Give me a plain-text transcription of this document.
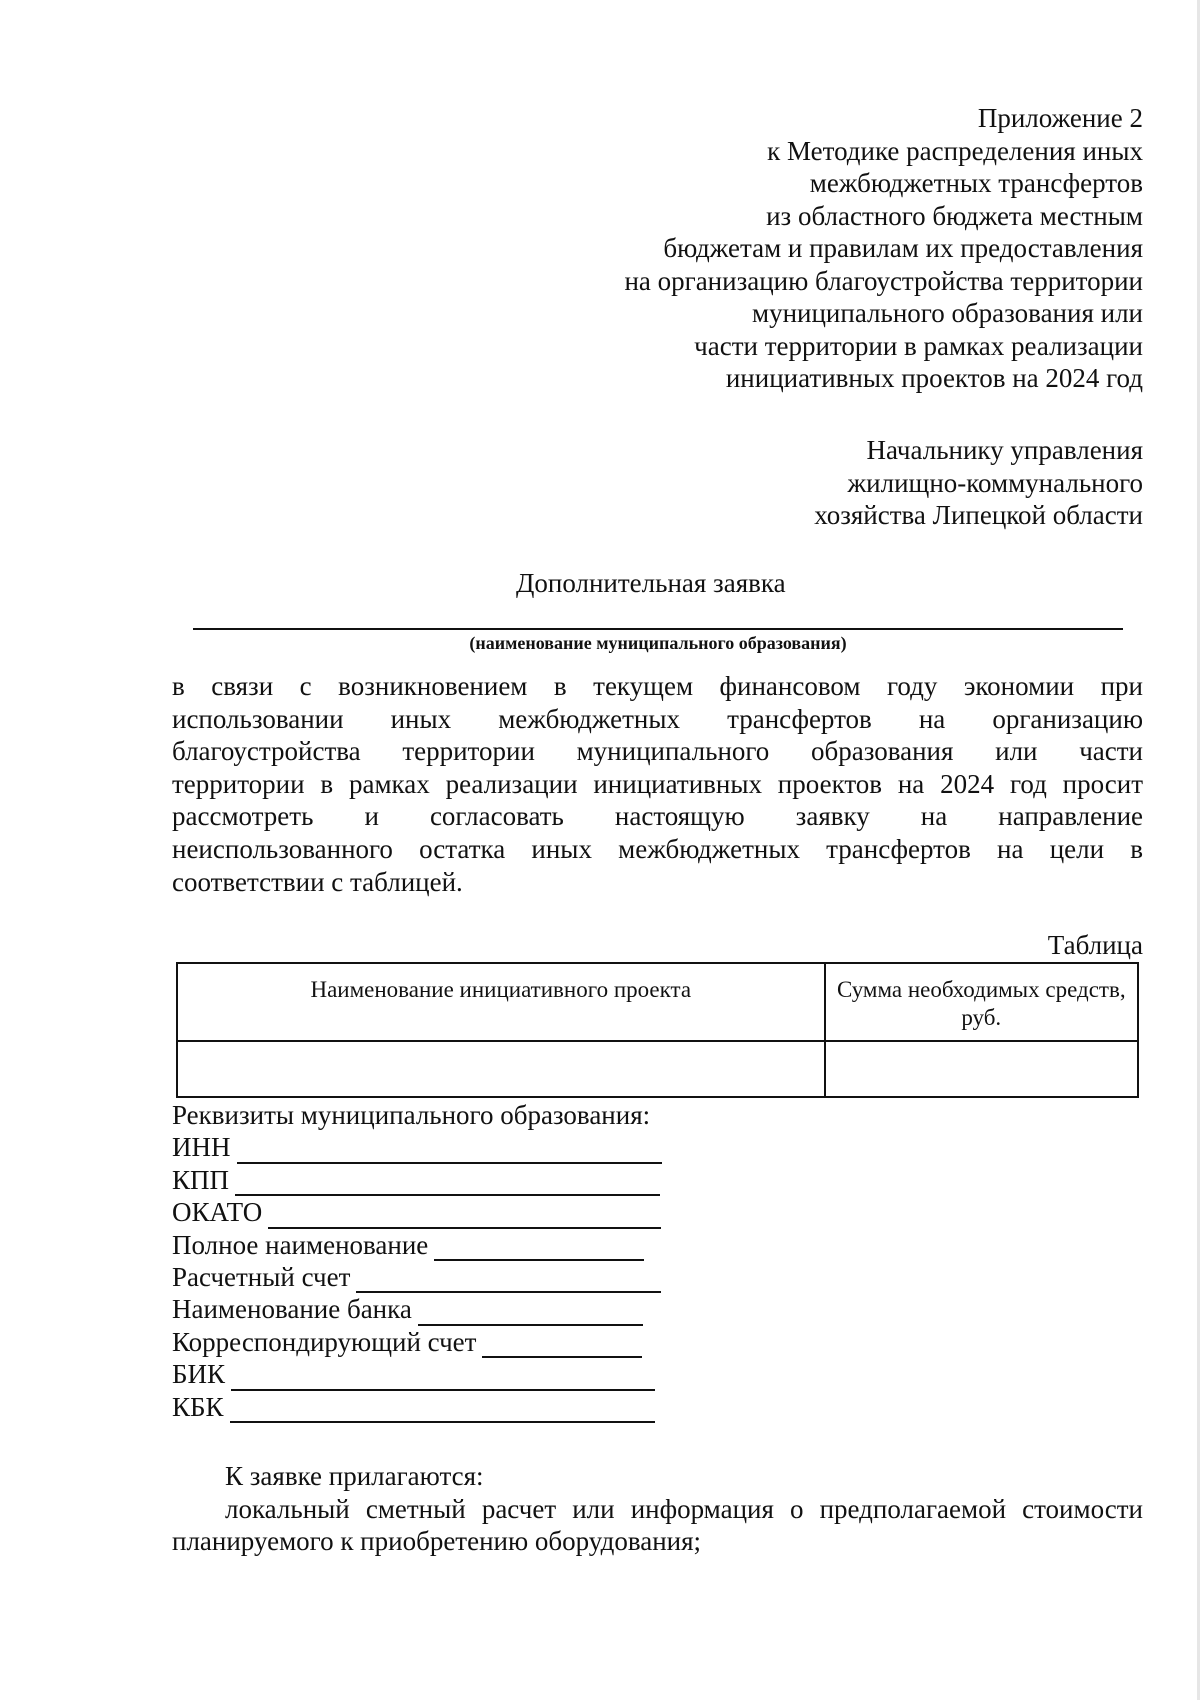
Приложение 2
к Методике распределения иных
межбюджетных трансфертов
из областного бюджета местным
бюджетам и правилам их предоставления
на организацию благоустройства территории
муниципального образования или
части территории в рамках реализации
инициативных проектов на 2024 год
Начальнику управления
жилищно-коммунального
хозяйства Липецкой области
Дополнительная заявка
(наименование муниципального образования)
в связи с возникновением в текущем финансовом году экономии при
использовании иных межбюджетных трансфертов на организацию
благоустройства территории муниципального образования или части
территории в рамках реализации инициативных проектов на 2024 год просит
рассмотреть и согласовать настоящую заявку на направление
неиспользованного остатка иных межбюджетных трансфертов на цели в
соответствии с таблицей.
Таблица
Наименование инициативного проекта	Сумма необходимых средств, руб.

Реквизиты муниципального образования:
ИНН
КПП
ОКАТО
Полное наименование
Расчетный счет
Наименование банка
Корреспондирующий счет
БИК
КБК
К заявке прилагаются:
локальный сметный расчет или информация о предполагаемой стоимости
планируемого к приобретению оборудования;
